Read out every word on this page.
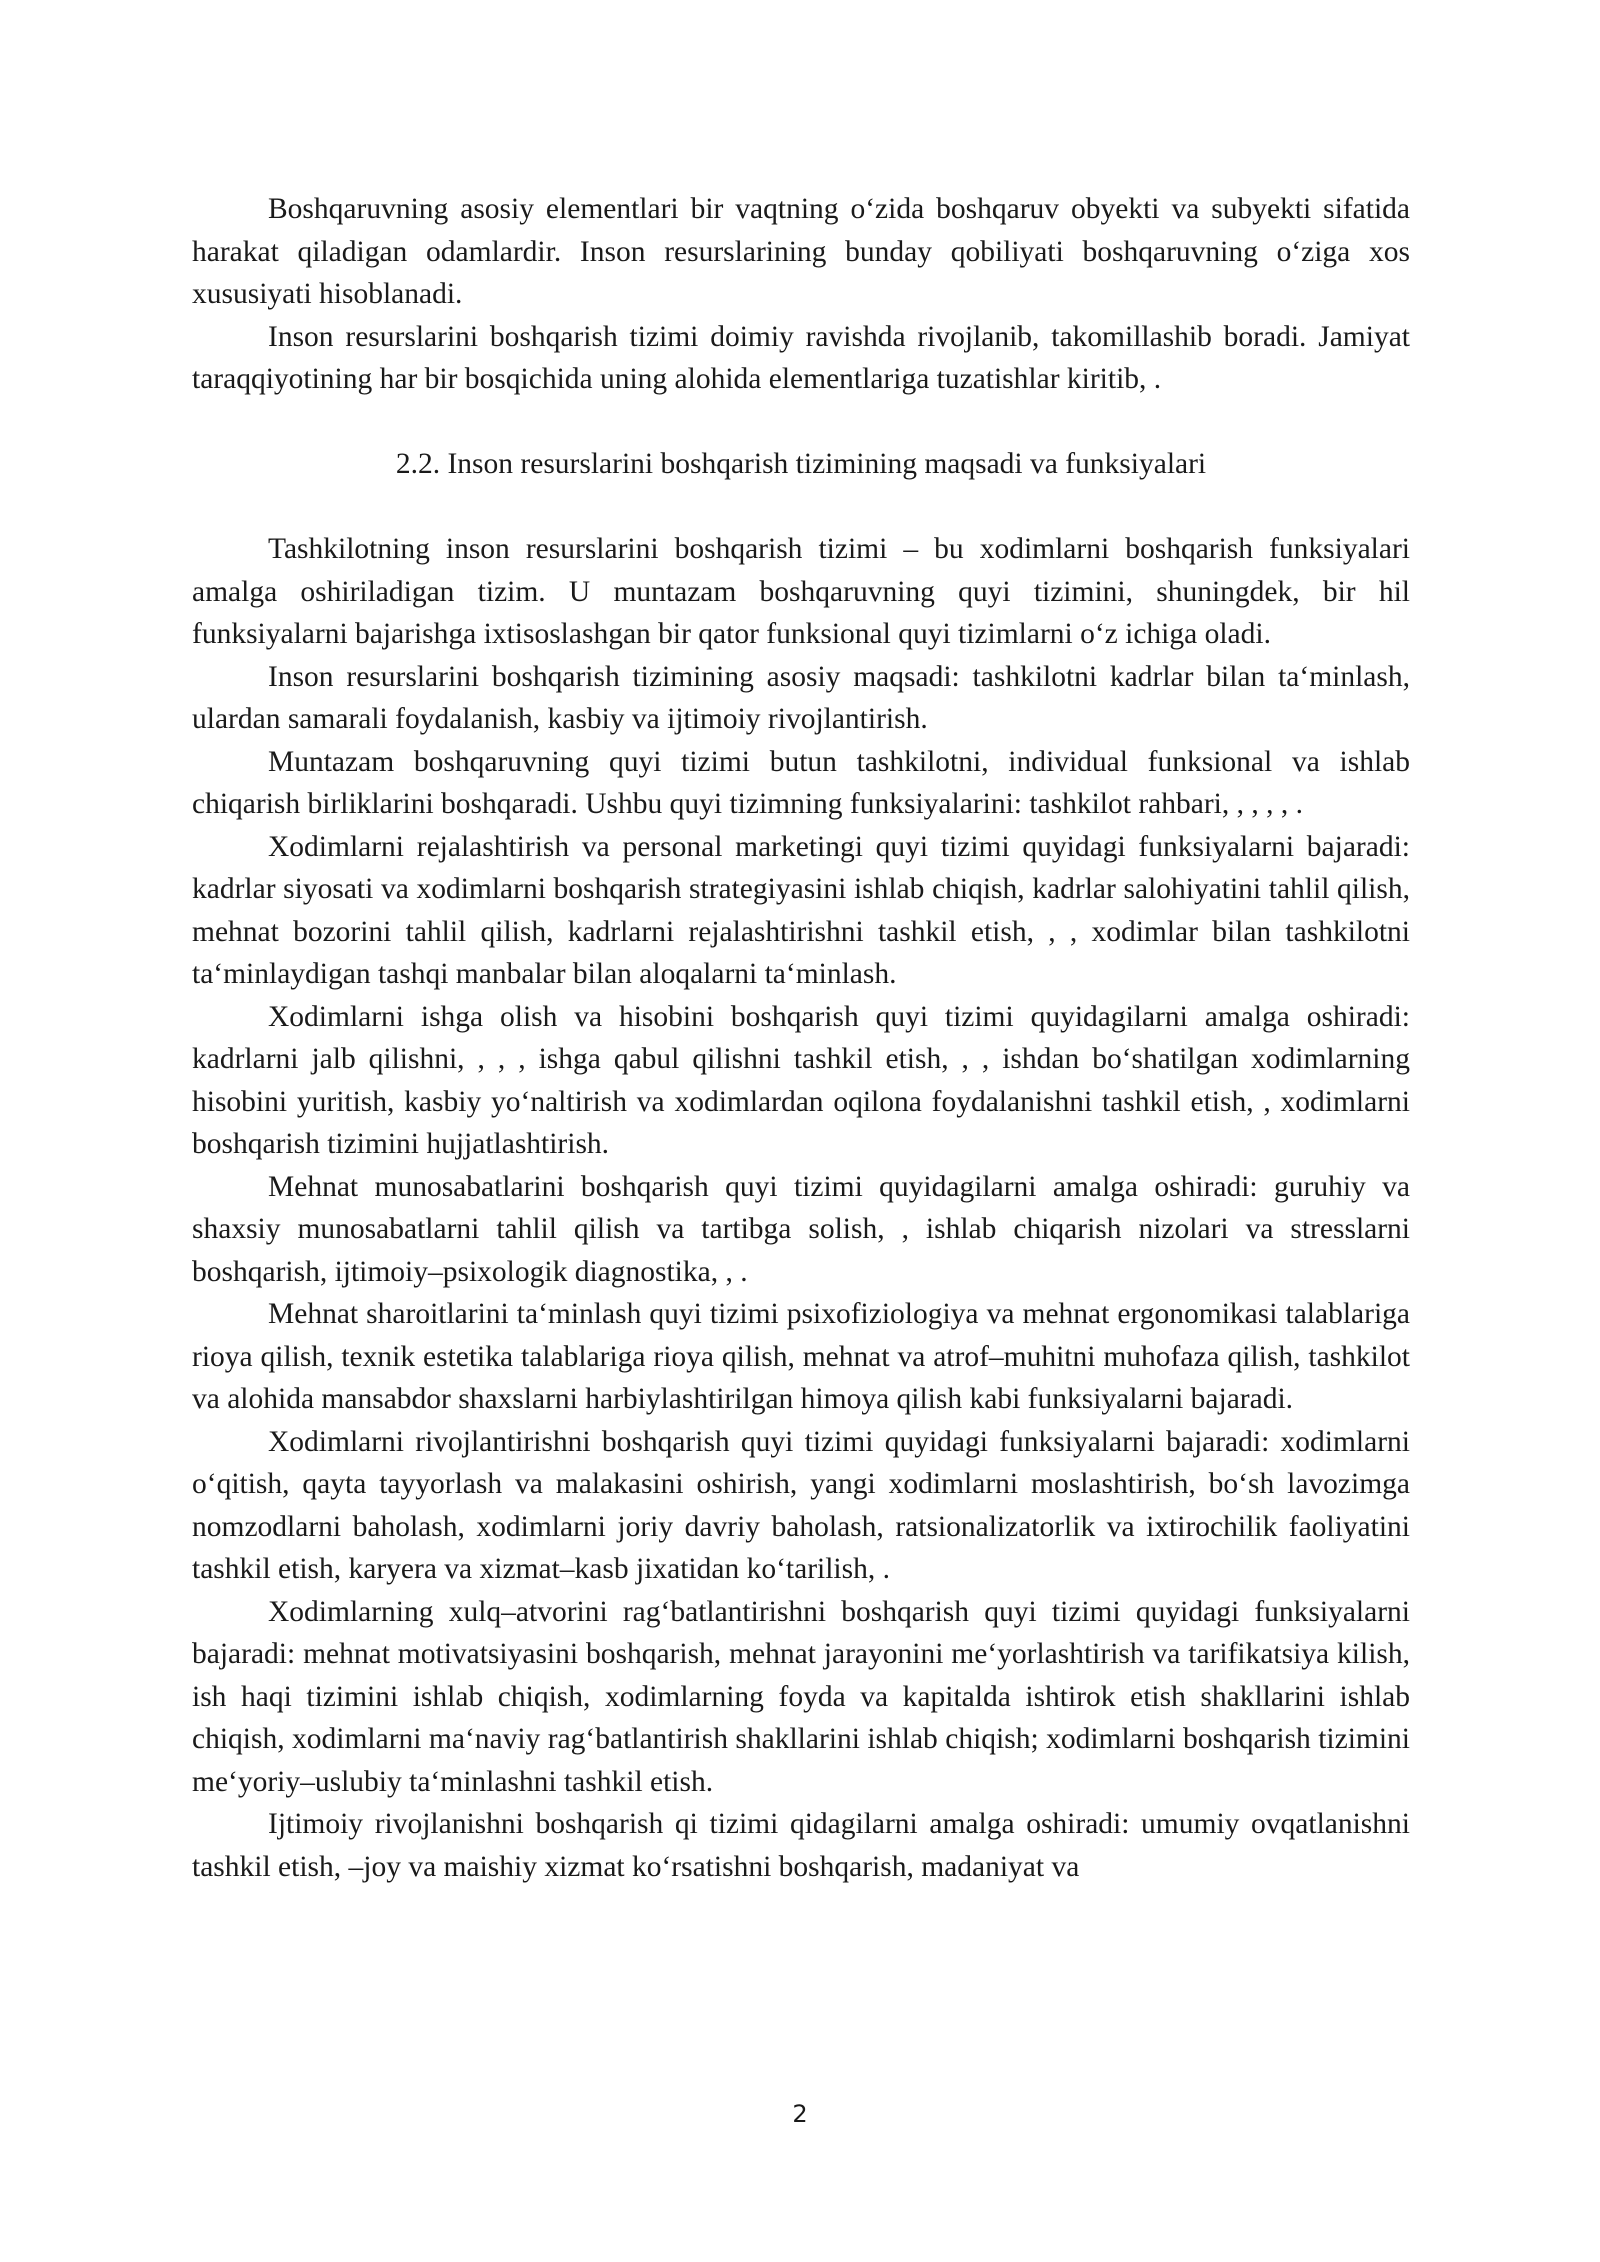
Boshqaruvning asosiy elementlari bir vaqtning o‘zida boshqaruv obyekti va subyekti sifatida harakat qiladigan odamlardir. Inson resurslarining bunday qobiliyati boshqaruvning o‘ziga xos xususiyati hisoblanadi.

Inson resurslarini boshqarish tizimi doimiy ravishda rivojlanib, takomillashib boradi. Jamiyat taraqqiyotining har bir bosqichida uning alohida elementlariga tuzatishlar kiritib, .

2.2. Inson resurslarini boshqarish tizimining maqsadi va funksiyalari

Tashkilotning inson resurslarini boshqarish tizimi – bu xodimlarni boshqarish funksiyalari amalga oshiriladigan tizim. U muntazam boshqaruvning quyi tizimini, shuningdek, bir hil funksiyalarni bajarishga ixtisoslashgan bir qator funksional quyi tizimlarni o‘z ichiga oladi.

Inson resurslarini boshqarish tizimining asosiy maqsadi: tashkilotni kadrlar bilan ta‘minlash, ulardan samarali foydalanish, kasbiy va ijtimoiy rivojlantirish.

Muntazam boshqaruvning quyi tizimi butun tashkilotni, individual funksional va ishlab chiqarish birliklarini boshqaradi. Ushbu quyi tizimning funksiyalarini: tashkilot rahbari, , , , , .

Xodimlarni rejalashtirish va personal marketingi quyi tizimi quyidagi funksiyalarni bajaradi: kadrlar siyosati va xodimlarni boshqarish strategiyasini ishlab chiqish, kadrlar salohiyatini tahlil qilish, mehnat bozorini tahlil qilish, kadrlarni rejalashtirishni tashkil etish, , , xodimlar bilan tashkilotni ta‘minlaydigan tashqi manbalar bilan aloqalarni ta‘minlash.

Xodimlarni ishga olish va hisobini boshqarish quyi tizimi quyidagilarni amalga oshiradi: kadrlarni jalb qilishni, , , , ishga qabul qilishni tashkil etish, , , ishdan bo‘shatilgan xodimlarning hisobini yuritish, kasbiy yo‘naltirish va xodimlardan oqilona foydalanishni tashkil etish, , xodimlarni boshqarish tizimini hujjatlashtirish.

Mehnat munosabatlarini boshqarish quyi tizimi quyidagilarni amalga oshiradi: guruhiy va shaxsiy munosabatlarni tahlil qilish va tartibga solish, , ishlab chiqarish nizolari va stresslarni boshqarish, ijtimoiy–psixologik diagnostika, , .

Mehnat sharoitlarini ta‘minlash quyi tizimi psixofiziologiya va mehnat ergonomikasi talablariga rioya qilish, texnik estetika talablariga rioya qilish, mehnat va atrof–muhitni muhofaza qilish, tashkilot va alohida mansabdor shaxslarni harbiylashtirilgan himoya qilish kabi funksiyalarni bajaradi.

Xodimlarni rivojlantirishni boshqarish quyi tizimi quyidagi funksiyalarni bajaradi: xodimlarni o‘qitish, qayta tayyorlash va malakasini oshirish, yangi xodimlarni moslashtirish, bo‘sh lavozimga nomzodlarni baholash, xodimlarni joriy davriy baholash, ratsionalizatorlik va ixtirochilik faoliyatini tashkil etish, karyera va xizmat–kasb jixatidan ko‘tarilish, .

Xodimlarning xulq–atvorini rag‘batlantirishni boshqarish quyi tizimi quyidagi funksiyalarni bajaradi: mehnat motivatsiyasini boshqarish, mehnat jarayonini me‘yorlashtirish va tarifikatsiya kilish, ish haqi tizimini ishlab chiqish, xodimlarning foyda va kapitalda ishtirok etish shakllarini ishlab chiqish, xodimlarni ma‘naviy rag‘batlantirish shakllarini ishlab chiqish; xodimlarni boshqarish tizimini me‘yoriy–uslubiy ta‘minlashni tashkil etish.

Ijtimoiy rivojlanishni boshqarish qi tizimi qidagilarni amalga oshiradi: umumiy ovqatlanishni tashkil etish, –joy va maishiy xizmat ko‘rsatishni boshqarish, madaniyat va

2
